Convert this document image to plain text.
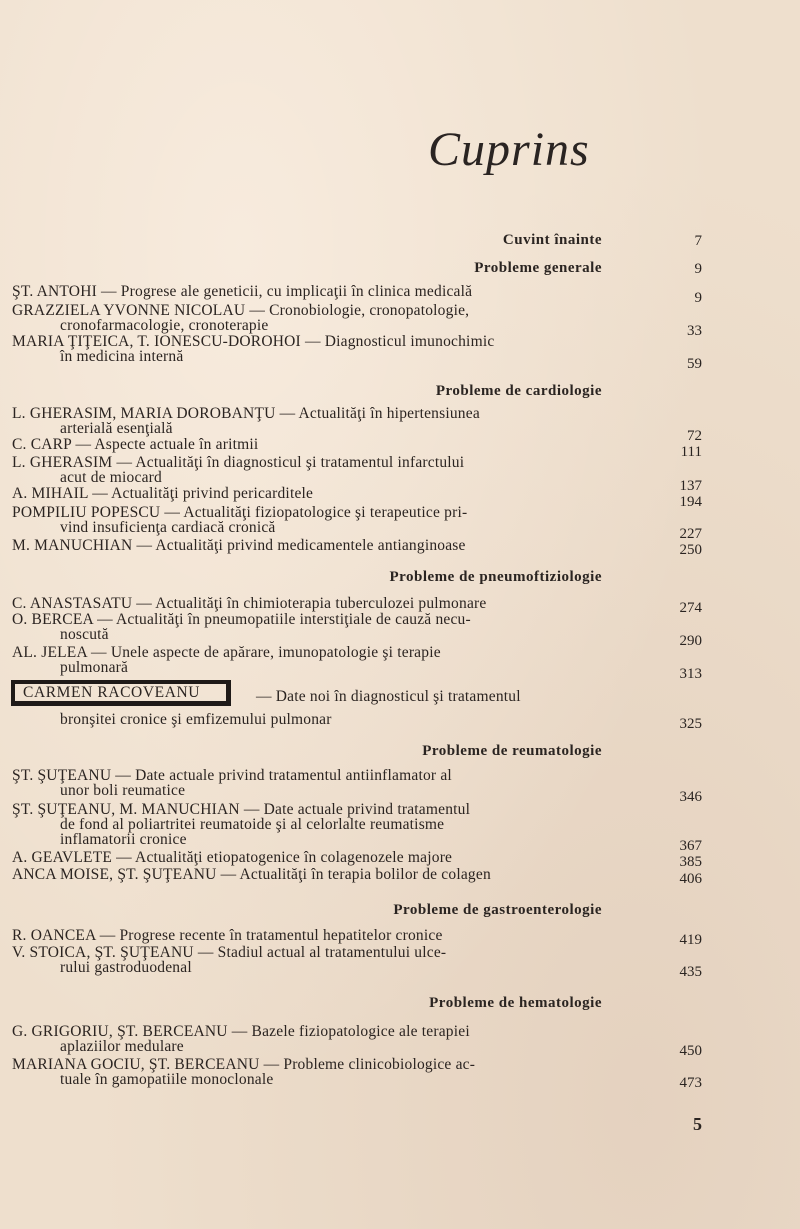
Cuprins
Cuvint înainte	7
Probleme generale	9
ŞT. ANTOHI — Progrese ale geneticii, cu implicaţii în clinica medicală	9
GRAZZIELA YVONNE NICOLAU — Cronobiologie, cronopatologie,
cronofarmacologie, cronoterapie	33
MARIA ŢIŢEICA, T. IONESCU-DOROHOI — Diagnosticul imunochimic
în medicina internă	59
Probleme de cardiologie
L. GHERASIM, MARIA DOROBANŢU — Actualităţi în hipertensiunea
arterială esenţială	72
C. CARP — Aspecte actuale în aritmii	111
L. GHERASIM — Actualităţi în diagnosticul şi tratamentul infarctului
acut de miocard	137
A. MIHAIL — Actualităţi privind pericarditele	194
POMPILIU POPESCU — Actualităţi fiziopatologice şi terapeutice pri-
vind insuficienţa cardiacă cronică	227
M. MANUCHIAN — Actualităţi privind medicamentele antianginoase	250
Probleme de pneumoftiziologie
C. ANASTASATU — Actualităţi în chimioterapia tuberculozei pulmonare	274
O. BERCEA — Actualităţi în pneumopatiile interstiţiale de cauză necu-
noscută	290
AL. JELEA — Unele aspecte de apărare, imunopatologie şi terapie
pulmonară	313
CARMEN RACOVEANU	— Date noi în diagnosticul şi tratamentul
bronşitei cronice şi emfizemului pulmonar	325
Probleme de reumatologie
ŞT. ŞUŢEANU — Date actuale privind tratamentul antiinflamator al
unor boli reumatice	346
ŞT. ŞUŢEANU, M. MANUCHIAN — Date actuale privind tratamentul
de fond al poliartritei reumatoide şi al celorlalte reumatisme
inflamatorii cronice	367
A. GEAVLETE — Actualităţi etiopatogenice în colagenozele majore	385
ANCA MOISE, ŞT. ŞUŢEANU — Actualităţi în terapia bolilor de colagen	406
Probleme de gastroenterologie
R. OANCEA — Progrese recente în tratamentul hepatitelor cronice	419
V. STOICA, ŞT. ŞUŢEANU — Stadiul actual al tratamentului ulce-
rului gastroduodenal	435
Probleme de hematologie
G. GRIGORIU, ŞT. BERCEANU — Bazele fiziopatologice ale terapiei
aplaziilor medulare	450
MARIANA GOCIU, ŞT. BERCEANU — Probleme clinicobiologice ac-
tuale în gamopatiile monoclonale	473
5
